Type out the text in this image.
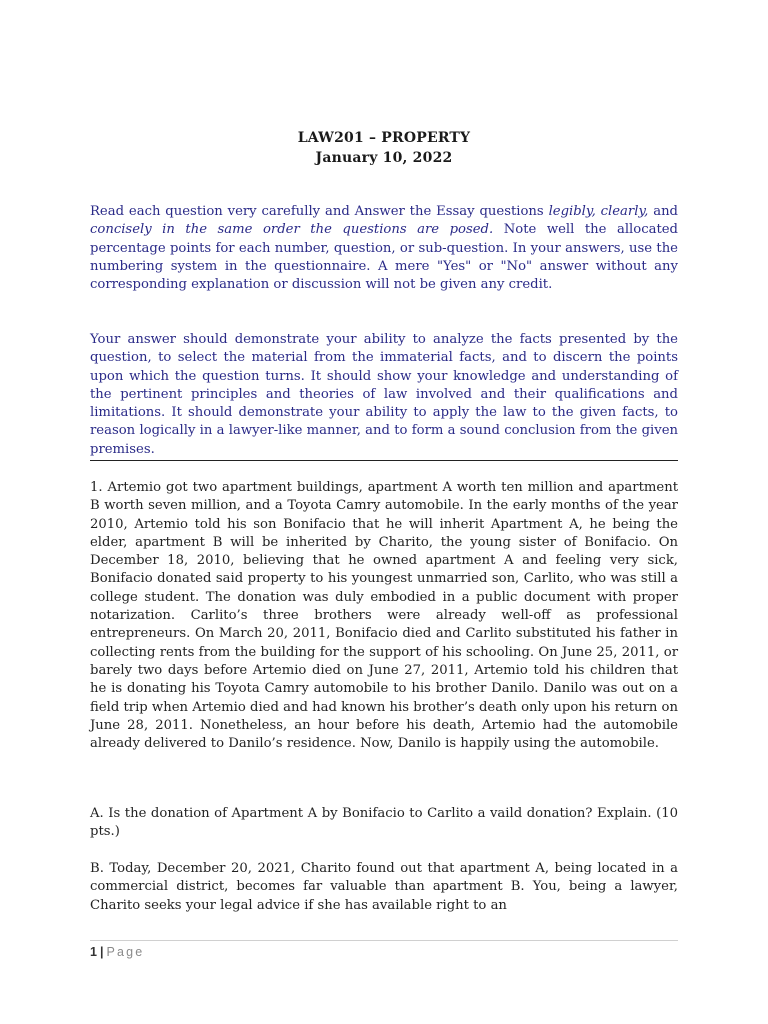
LAW201 – PROPERTY
January 10, 2022

Read each question very carefully and Answer the Essay questions legibly, clearly, and concisely in the same order the questions are posed. Note well the allocated percentage points for each number, question, or sub-question. In your answers, use the numbering system in the questionnaire. A mere "Yes" or "No" answer without any corresponding explanation or discussion will not be given any credit.

Your answer should demonstrate your ability to analyze the facts presented by the question, to select the material from the immaterial facts, and to discern the points upon which the question turns. It should show your knowledge and understanding of the pertinent principles and theories of law involved and their qualifications and limitations. It should demonstrate your ability to apply the law to the given facts, to reason logically in a lawyer-like manner, and to form a sound conclusion from the given premises.

1. Artemio got two apartment buildings, apartment A worth ten million and apartment B worth seven million, and a Toyota Camry automobile. In the early months of the year 2010, Artemio told his son Bonifacio that he will inherit Apartment A, he being the elder, apartment B will be inherited by Charito, the young sister of Bonifacio. On December 18, 2010, believing that he owned apartment A and feeling very sick, Bonifacio donated said property to his youngest unmarried son, Carlito, who was still a college student. The donation was duly embodied in a public document with proper notarization. Carlito’s three brothers were already well-off as professional entrepreneurs. On March 20, 2011, Bonifacio died and Carlito substituted his father in collecting rents from the building for the support of his schooling. On June 25, 2011, or barely two days before Artemio died on June 27, 2011, Artemio told his children that he is donating his Toyota Camry automobile to his brother Danilo. Danilo was out on a field trip when Artemio died and had known his brother’s death only upon his return on June 28, 2011. Nonetheless, an hour before his death, Artemio had the automobile already delivered to Danilo’s residence. Now, Danilo is happily using the automobile.

A. Is the donation of Apartment A by Bonifacio to Carlito a vaild donation? Explain. (10 pts.)

B. Today, December 20, 2021, Charito found out that apartment A, being located in a commercial district, becomes far valuable than apartment B. You, being a lawyer, Charito seeks your legal advice if she has available right to an

1 | Page
